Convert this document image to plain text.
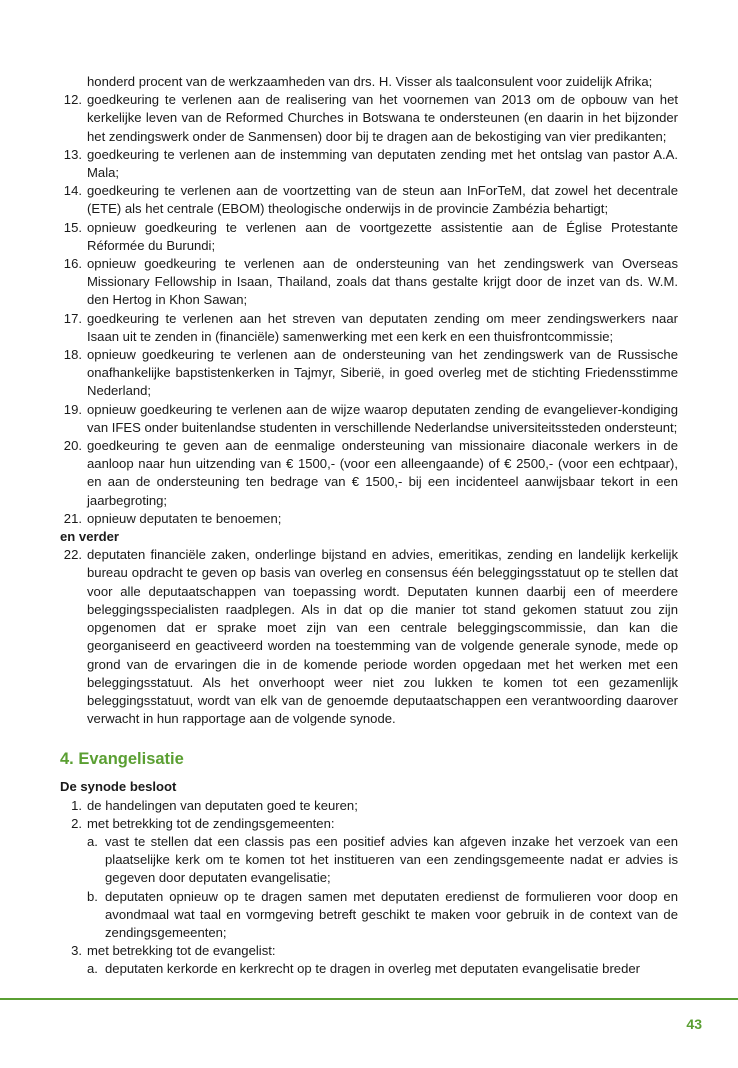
honderd procent van de werkzaamheden van drs. H. Visser als taalconsulent voor zuidelijk Afrika;
12. goedkeuring te verlenen aan de realisering van het voornemen van 2013 om de opbouw van het kerkelijke leven van de Reformed Churches in Botswana te ondersteunen (en daarin in het bijzonder het zendingswerk onder de Sanmensen) door bij te dragen aan de bekostiging van vier predikanten;
13. goedkeuring te verlenen aan de instemming van deputaten zending met het ontslag van pastor A.A. Mala;
14. goedkeuring te verlenen aan de voortzetting van de steun aan InForTeM, dat zowel het decentrale (ETE) als het centrale (EBOM) theologische onderwijs in de provincie Zambézia behartigt;
15. opnieuw goedkeuring te verlenen aan de voortgezette assistentie aan de Église Protestante Réformée du Burundi;
16. opnieuw goedkeuring te verlenen aan de ondersteuning van het zendingswerk van Overseas Missionary Fellowship in Isaan, Thailand, zoals dat thans gestalte krijgt door de inzet van ds. W.M. den Hertog in Khon Sawan;
17. goedkeuring te verlenen aan het streven van deputaten zending om meer zendingswerkers naar Isaan uit te zenden in (financiële) samenwerking met een kerk en een thuisfrontcommissie;
18. opnieuw goedkeuring te verlenen aan de ondersteuning van het zendingswerk van de Russische onafhankelijke bapstistenkerken in Tajmyr, Siberië, in goed overleg met de stichting Friedensstimme Nederland;
19. opnieuw goedkeuring te verlenen aan de wijze waarop deputaten zending de evangeliever-kondiging van IFES onder buitenlandse studenten in verschillende Nederlandse universiteitssteden ondersteunt;
20. goedkeuring te geven aan de eenmalige ondersteuning van missionaire diaconale werkers in de aanloop naar hun uitzending van € 1500,- (voor een alleengaande) of € 2500,- (voor een echtpaar), en aan de ondersteuning ten bedrage van € 1500,- bij een incidenteel aanwijsbaar tekort in een jaarbegroting;
21. opnieuw deputaten te benoemen;
en verder
22. deputaten financiële zaken, onderlinge bijstand en advies, emeritikas, zending en landelijk kerkelijk bureau opdracht te geven op basis van overleg en consensus één beleggingsstatuut op te stellen dat voor alle deputaatschappen van toepassing wordt. Deputaten kunnen daarbij een of meerdere beleggingsspecialisten raadplegen. Als in dat op die manier tot stand gekomen statuut zou zijn opgenomen dat er sprake moet zijn van een centrale beleggingscommissie, dan kan die georganiseerd en geactiveerd worden na toestemming van de volgende generale synode, mede op grond van de ervaringen die in de komende periode worden opgedaan met het werken met een beleggingsstatuut. Als het onverhoopt weer niet zou lukken te komen tot een gezamenlijk beleggingsstatuut, wordt van elk van de genoemde deputaatschappen een verantwoording daarover verwacht in hun rapportage aan de volgende synode.
4. Evangelisatie
De synode besloot
1. de handelingen van deputaten goed te keuren;
2. met betrekking tot de zendingsgemeenten:
a. vast te stellen dat een classis pas een positief advies kan afgeven inzake het verzoek van een plaatselijke kerk om te komen tot het institueren van een zendingsgemeente nadat er advies is gegeven door deputaten evangelisatie;
b. deputaten opnieuw op te dragen samen met deputaten eredienst de formulieren voor doop en avondmaal wat taal en vormgeving betreft geschikt te maken voor gebruik in de context van de zendingsgemeenten;
3. met betrekking tot de evangelist:
a. deputaten kerkorde en kerkrecht op te dragen in overleg met deputaten evangelisatie breder
43
